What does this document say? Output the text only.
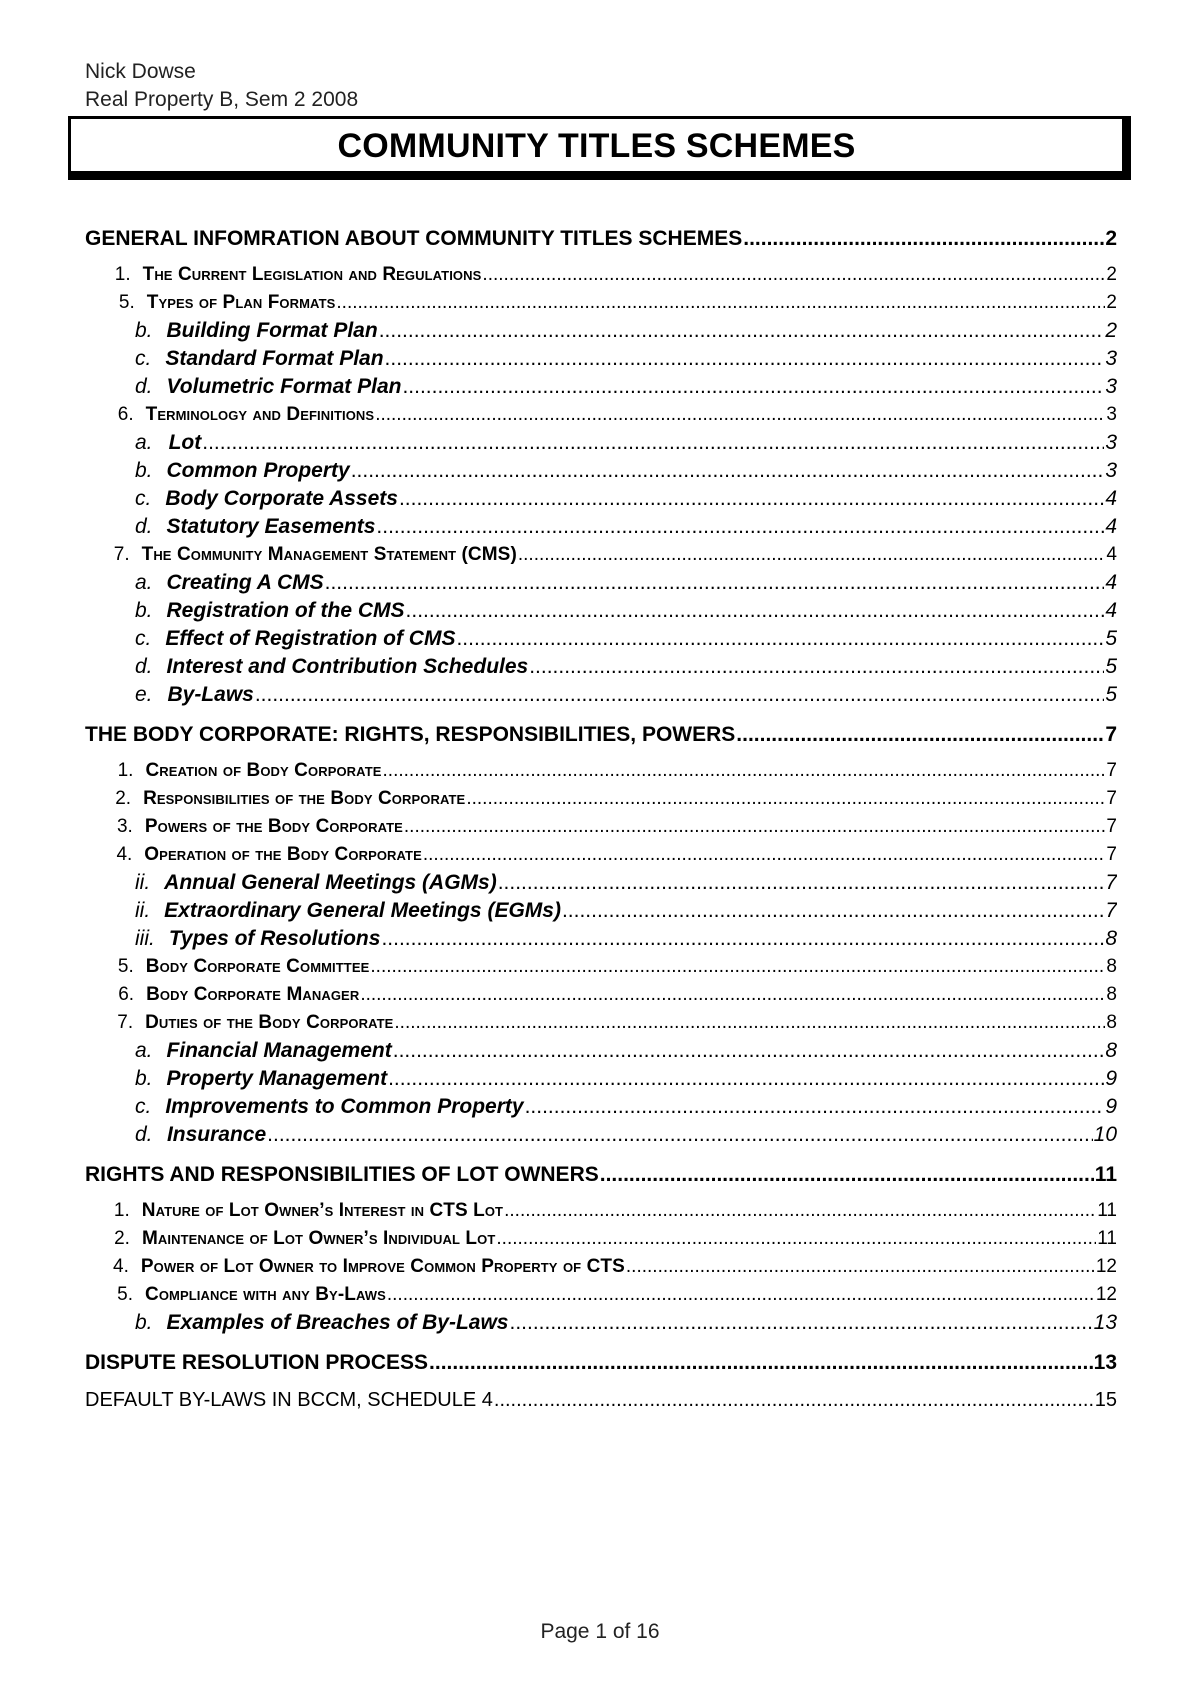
Nick Dowse
Real Property B, Sem 2 2008
COMMUNITY TITLES SCHEMES
GENERAL INFOMRATION ABOUT COMMUNITY TITLES SCHEMES .....	2
1. The Current Legislation and Regulations .....	2
5. Types of Plan Formats .....	2
b. Building Format Plan .....	2
c. Standard Format Plan .....	3
d. Volumetric Format Plan .....	3
6. Terminology and Definitions .....	3
a. Lot .....	3
b. Common Property .....	3
c. Body Corporate Assets .....	4
d. Statutory Easements .....	4
7. The Community Management Statement (CMS) .....	4
a. Creating A CMS .....	4
b. Registration of the CMS .....	4
c. Effect of Registration of CMS .....	5
d. Interest and Contribution Schedules .....	5
e. By-Laws .....	5
THE BODY CORPORATE: RIGHTS, RESPONSIBILITIES, POWERS .....	7
1. Creation of Body Corporate .....	7
2. Responsibilities of the Body Corporate .....	7
3. Powers of the Body Corporate .....	7
4. Operation of the Body Corporate .....	7
ii. Annual General Meetings (AGMs) .....	7
ii. Extraordinary General Meetings (EGMs) .....	7
iii. Types of Resolutions .....	8
5. Body Corporate Committee .....	8
6. Body Corporate Manager .....	8
7. Duties of the Body Corporate .....	8
a. Financial Management .....	8
b. Property Management .....	9
c. Improvements to Common Property .....	9
d. Insurance .....	10
RIGHTS AND RESPONSIBILITIES OF LOT OWNERS .....	11
1. Nature of Lot Owner’s Interest in CTS Lot .....	11
2. Maintenance of Lot Owner’s Individual Lot .....	11
4. Power of Lot Owner to Improve Common Property of CTS .....	12
5. Compliance with any By-Laws .....	12
b. Examples of Breaches of By-Laws .....	13
DISPUTE RESOLUTION PROCESS .....	13
DEFAULT BY-LAWS IN BCCM, SCHEDULE 4 .....	15
Page 1 of 16
